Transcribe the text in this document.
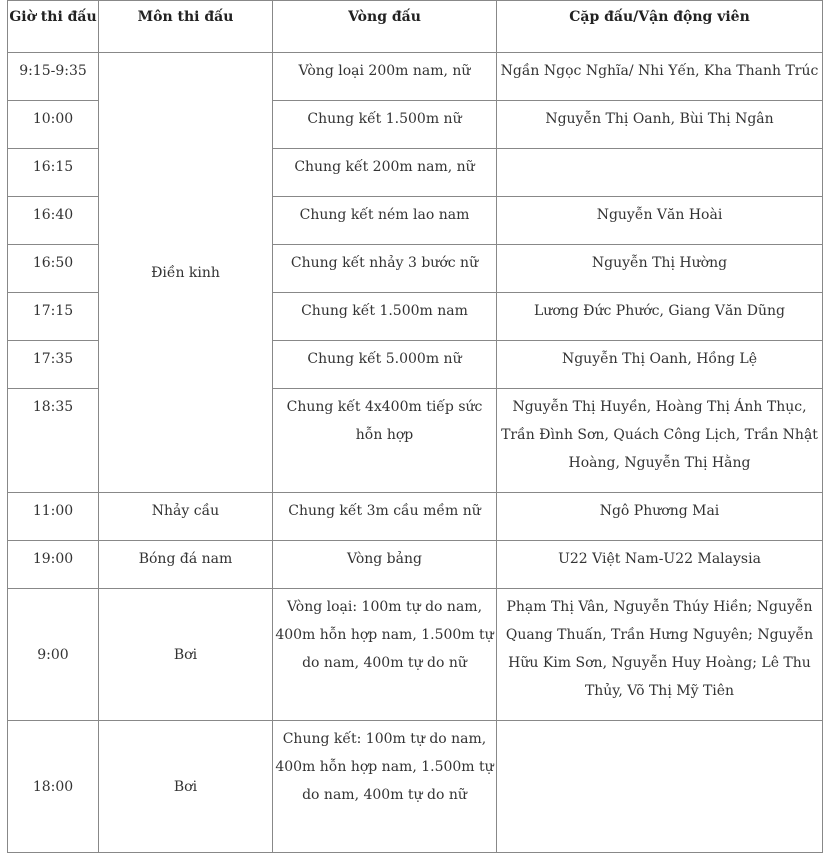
Giờ thi đấu	Môn thi đấu	Vòng đấu	Cặp đấu/Vận động viên
9:15-9:35	Điền kinh	Vòng loại 200m nam, nữ	Ngần Ngọc Nghĩa/ Nhi Yến, Kha Thanh Trúc
10:00		Chung kết 1.500m nữ	Nguyễn Thị Oanh, Bùi Thị Ngân
16:15		Chung kết 200m nam, nữ	
16:40		Chung kết ném lao nam	Nguyễn Văn Hoài
16:50		Chung kết nhảy 3 bước nữ	Nguyễn Thị Hường
17:15		Chung kết 1.500m nam	Lương Đức Phước, Giang Văn Dũng
17:35		Chung kết 5.000m nữ	Nguyễn Thị Oanh, Hồng Lệ
18:35		Chung kết 4x400m tiếp sức hỗn hợp	Nguyễn Thị Huyền, Hoàng Thị Ánh Thục, Trần Đình Sơn, Quách Công Lịch, Trần Nhật Hoàng, Nguyễn Thị Hằng
11:00	Nhảy cầu	Chung kết 3m cầu mềm nữ	Ngô Phương Mai
19:00	Bóng đá nam	Vòng bảng	U22 Việt Nam-U22 Malaysia
9:00	Bơi	Vòng loại: 100m tự do nam, 400m hỗn hợp nam, 1.500m tự do nam, 400m tự do nữ	Phạm Thị Vân, Nguyễn Thúy Hiền; Nguyễn Quang Thuấn, Trần Hưng Nguyên; Nguyễn Hữu Kim Sơn, Nguyễn Huy Hoàng; Lê Thu Thủy, Võ Thị Mỹ Tiên
18:00	Bơi	Chung kết: 100m tự do nam, 400m hỗn hợp nam, 1.500m tự do nam, 400m tự do nữ	
